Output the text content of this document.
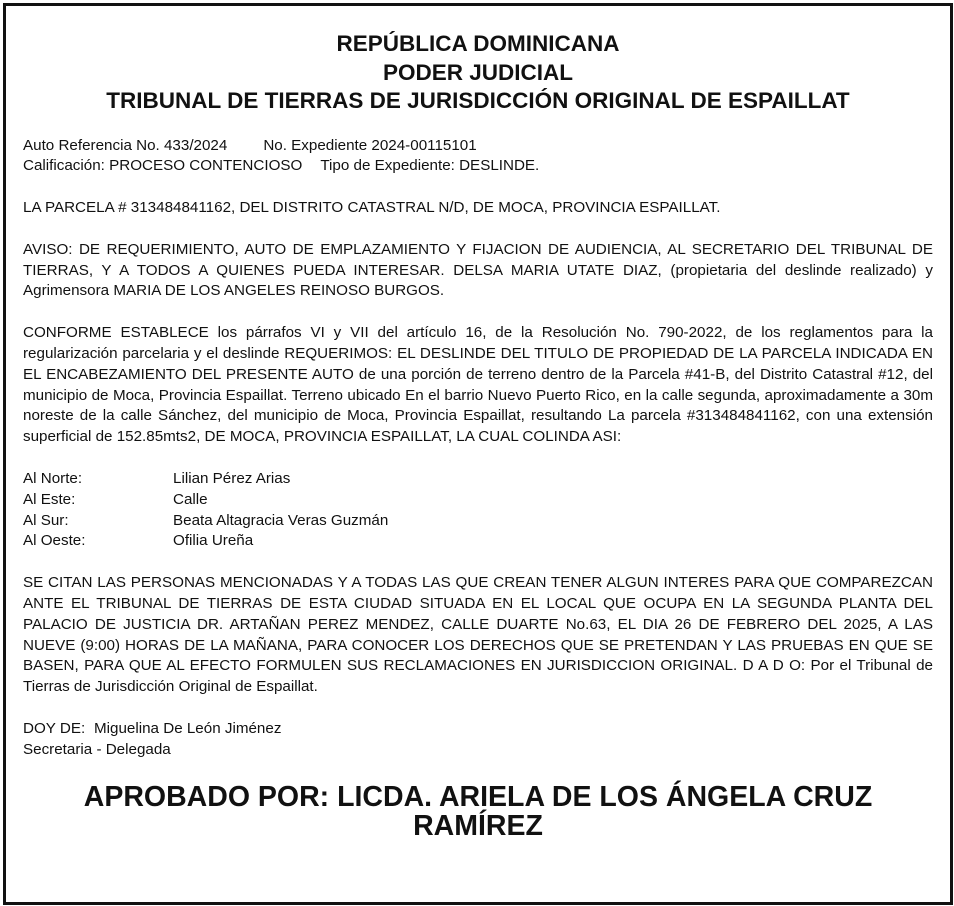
REPÚBLICA DOMINICANA
PODER JUDICIAL
TRIBUNAL DE TIERRAS DE JURISDICCIÓN ORIGINAL DE ESPAILLAT
Auto Referencia No. 433/2024 No. Expediente 2024-00115101
Calificación: PROCESO CONTENCIOSO Tipo de Expediente: DESLINDE.
LA PARCELA # 313484841162, DEL DISTRITO CATASTRAL N/D, DE MOCA, PROVINCIA ESPAILLAT.
AVISO: DE REQUERIMIENTO, AUTO DE EMPLAZAMIENTO Y FIJACION DE AUDIENCIA, AL SECRETARIO DEL TRIBUNAL DE TIERRAS, Y A TODOS A QUIENES PUEDA INTERESAR. DELSA MARIA UTATE DIAZ, (propietaria del deslinde realizado) y Agrimensora MARIA DE LOS ANGELES REINOSO BURGOS.
CONFORME ESTABLECE los párrafos VI y VII del artículo 16, de la Resolución No. 790-2022, de los reglamentos para la regularización parcelaria y el deslinde REQUERIMOS: EL DESLINDE DEL TITULO DE PROPIEDAD DE LA PARCELA INDICADA EN EL ENCABEZAMIENTO DEL PRESENTE AUTO de una porción de terreno dentro de la Parcela #41-B, del Distrito Catastral #12, del municipio de Moca, Provincia Espaillat. Terreno ubicado En el barrio Nuevo Puerto Rico, en la calle segunda, aproximadamente a 30m noreste de la calle Sánchez, del municipio de Moca, Provincia Espaillat, resultando La parcela #313484841162, con una extensión superficial de 152.85mts2, DE MOCA, PROVINCIA ESPAILLAT, LA CUAL COLINDA ASI:
Al Norte:	Lilian Pérez Arias
Al Este:	Calle
Al Sur:	Beata Altagracia Veras Guzmán
Al Oeste:	Ofilia Ureña
SE CITAN LAS PERSONAS MENCIONADAS Y A TODAS LAS QUE CREAN TENER ALGUN INTERES PARA QUE COMPAREZCAN ANTE EL TRIBUNAL DE TIERRAS DE ESTA CIUDAD SITUADA EN EL LOCAL QUE OCUPA EN LA SEGUNDA PLANTA DEL PALACIO DE JUSTICIA DR. ARTAÑAN PEREZ MENDEZ, CALLE DUARTE No.63, EL DIA 26 DE FEBRERO DEL 2025, A LAS NUEVE (9:00) HORAS DE LA MAÑANA, PARA CONOCER LOS DERECHOS QUE SE PRETENDAN Y LAS PRUEBAS EN QUE SE BASEN, PARA QUE AL EFECTO FORMULEN SUS RECLAMACIONES EN JURISDICCION ORIGINAL. D A D O: Por el Tribunal de Tierras de Jurisdicción Original de Espaillat.
DOY DE: Miguelina De León Jiménez
Secretaria - Delegada
APROBADO POR: LICDA. ARIELA DE LOS ÁNGELA CRUZ RAMÍREZ
